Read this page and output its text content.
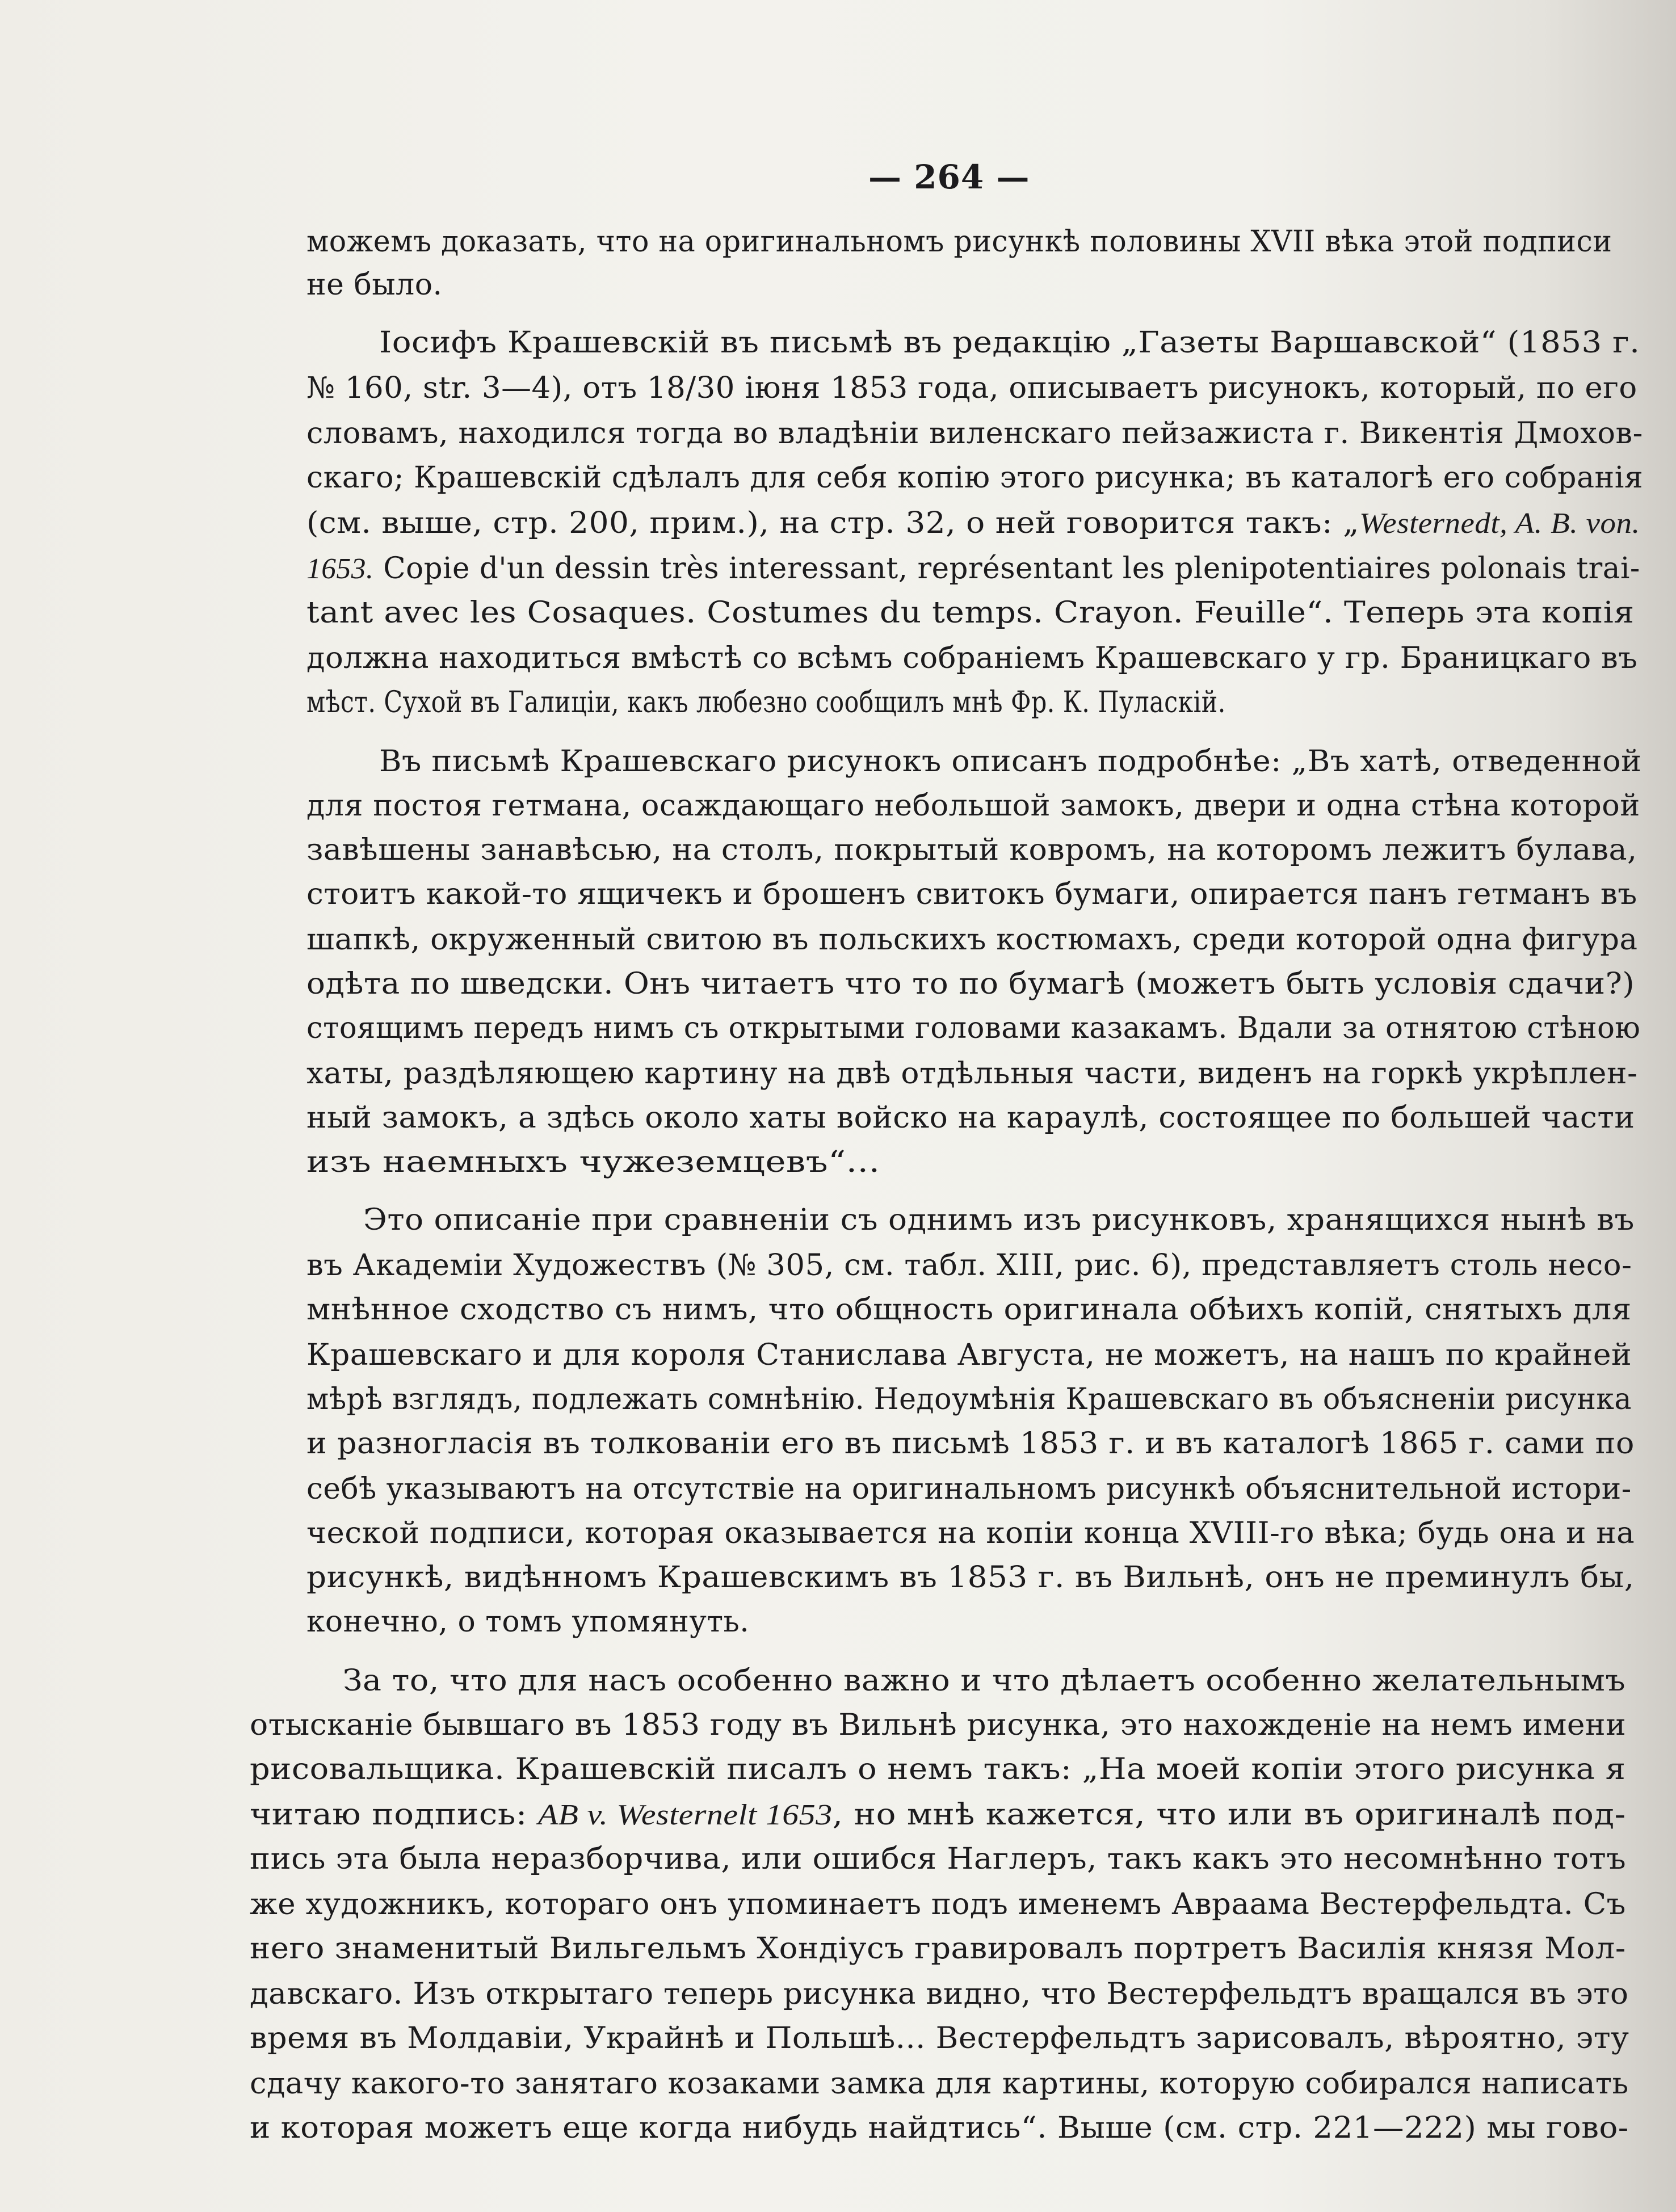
— 264 —
можемъ доказать, что на оригинальномъ рисункѣ половины XVII вѣка этой подписи
не было.
Іосифъ Крашевскій въ письмѣ въ редакцію „Газеты Варшавской“ (1853 г.
№ 160, str. 3—4), отъ 18/30 іюня 1853 года, описываетъ рисунокъ, который, по его
словамъ, находился тогда во владѣніи виленскаго пейзажиста г. Викентія Дмохов-
скаго; Крашевскій сдѣлалъ для себя копію этого рисунка; въ каталогѣ его собранія
(см. выше, стр. 200, прим.), на стр. 32, о ней говорится такъ: „Westernedt, A. B. von.
1653. Copie d'un dessin très interessant, représentant les plenipotentiaires polonais trai-
tant avec les Cosaques. Costumes du temps. Crayon. Feuille“. Теперь эта копія
должна находиться вмѣстѣ со всѣмъ собраніемъ Крашевскаго у гр. Браницкаго въ
мѣст. Сухой въ Галиціи, какъ любезно сообщилъ мнѣ Фр. К. Пуласкій.
Въ письмѣ Крашевскаго рисунокъ описанъ подробнѣе: „Въ хатѣ, отведенной
для постоя гетмана, осаждающаго небольшой замокъ, двери и одна стѣна которой
завѣшены занавѣсью, на столъ, покрытый ковромъ, на которомъ лежитъ булава,
стоитъ какой-то ящичекъ и брошенъ свитокъ бумаги, опирается панъ гетманъ въ
шапкѣ, окруженный свитою въ польскихъ костюмахъ, среди которой одна фигура
одѣта по шведски. Онъ читаетъ что то по бумагѣ (можетъ быть условія сдачи?)
стоящимъ передъ нимъ съ открытыми головами казакамъ. Вдали за отнятою стѣною
хаты, раздѣляющею картину на двѣ отдѣльныя части, виденъ на горкѣ укрѣплен-
ный замокъ, а здѣсь около хаты войско на караулѣ, состоящее по большей части
изъ наемныхъ чужеземцевъ“...
Это описаніе при сравненіи съ однимъ изъ рисунковъ, хранящихся нынѣ въ
въ Академіи Художествъ (№ 305, см. табл. XIII, рис. 6), представляетъ столь несо-
мнѣнное сходство съ нимъ, что общность оригинала обѣихъ копій, снятыхъ для
Крашевскаго и для короля Станислава Августа, не можетъ, на нашъ по крайней
мѣрѣ взглядъ, подлежать сомнѣнію. Недоумѣнія Крашевскаго въ объясненіи рисунка
и разногласія въ толкованіи его въ письмѣ 1853 г. и въ каталогѣ 1865 г. сами по
себѣ указываютъ на отсутствіе на оригинальномъ рисункѣ объяснительной истори-
ческой подписи, которая оказывается на копіи конца XVIII-го вѣка; будь она и на
рисункѣ, видѣнномъ Крашевскимъ въ 1853 г. въ Вильнѣ, онъ не преминулъ бы,
конечно, о томъ упомянуть.
За то, что для насъ особенно важно и что дѣлаетъ особенно желательнымъ
отысканіе бывшаго въ 1853 году въ Вильнѣ рисунка, это нахожденіе на немъ имени
рисовальщика. Крашевскій писалъ о немъ такъ: „На моей копіи этого рисунка я
читаю подпись: AB v. Westernelt 1653, но мнѣ кажется, что или въ оригиналѣ под-
пись эта была неразборчива, или ошибся Наглеръ, такъ какъ это несомнѣнно тотъ
же художникъ, котораго онъ упоминаетъ подъ именемъ Авраама Вестерфельдта. Съ
него знаменитый Вильгельмъ Хондіусъ гравировалъ портретъ Василія князя Мол-
давскаго. Изъ открытаго теперь рисунка видно, что Вестерфельдтъ вращался въ это
время въ Молдавіи, Украйнѣ и Польшѣ... Вестерфельдтъ зарисовалъ, вѣроятно, эту
сдачу какого-то занятаго козаками замка для картины, которую собирался написать
и которая можетъ еще когда нибудь найдтись“. Выше (см. стр. 221—222) мы гово-
